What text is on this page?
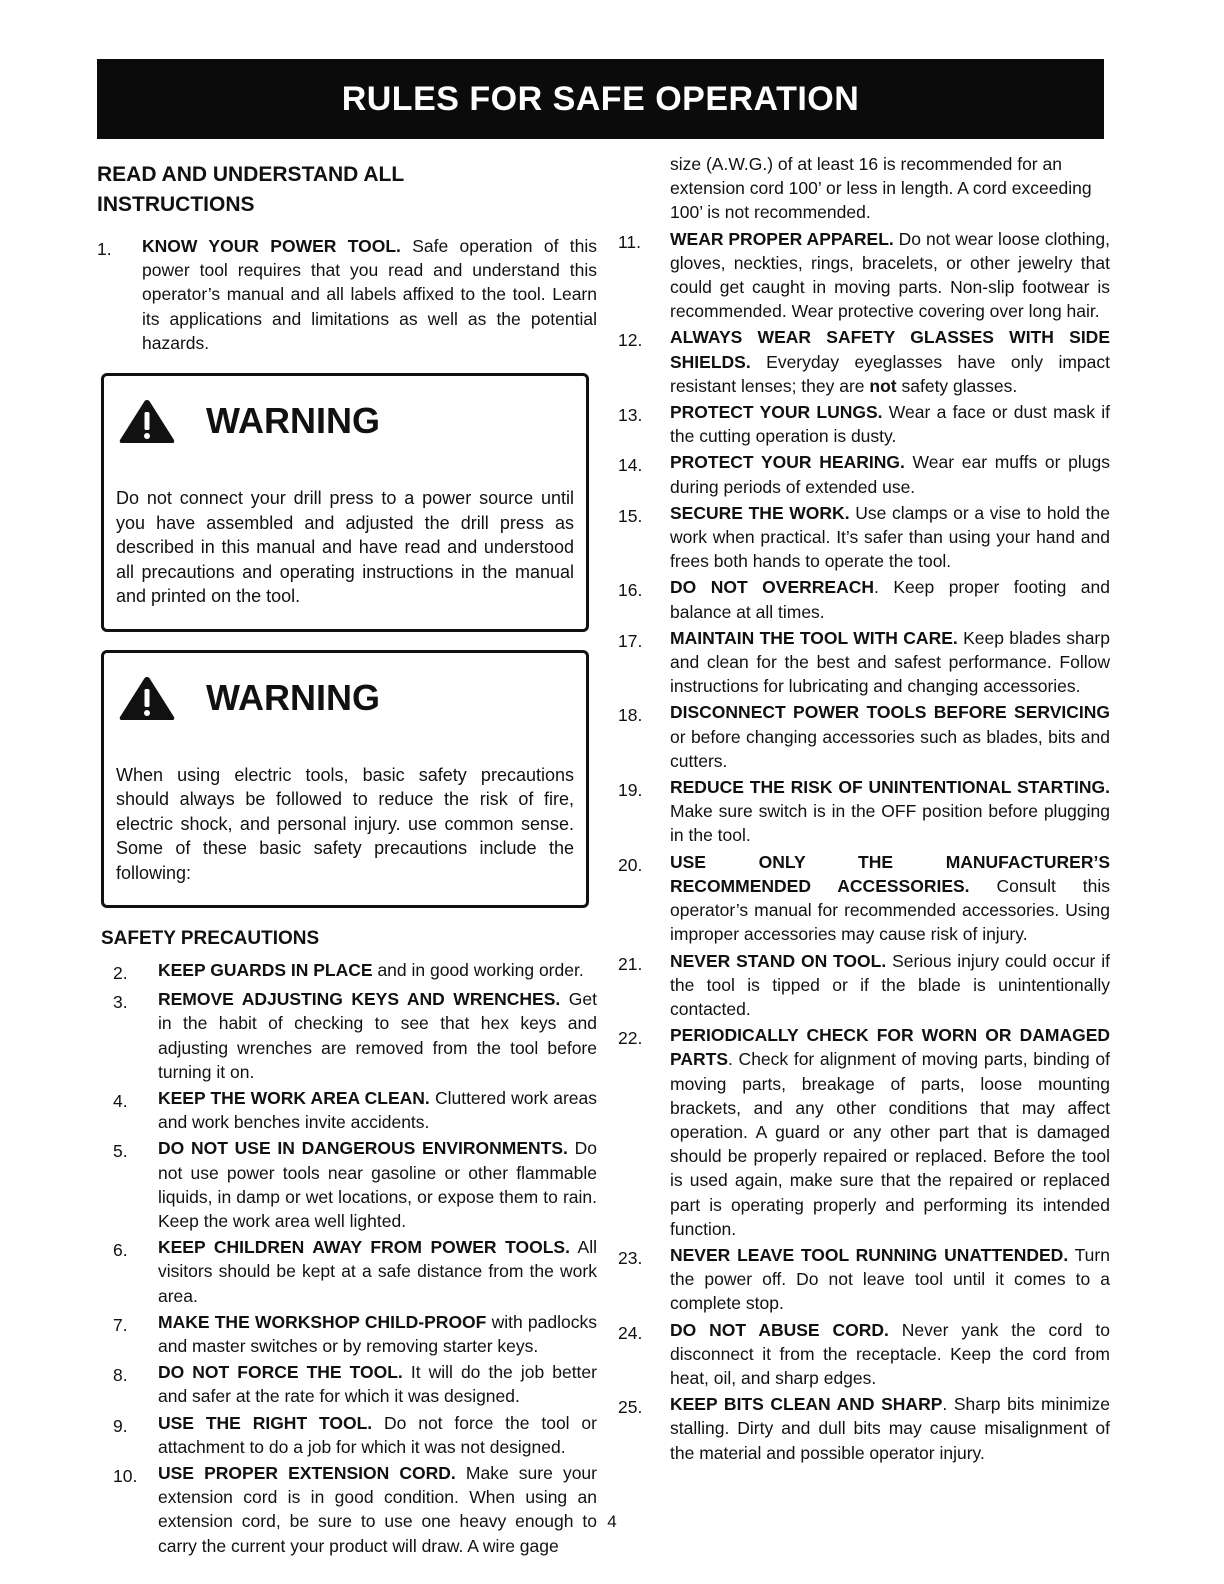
RULES FOR SAFE OPERATION
READ AND UNDERSTAND ALL
INSTRUCTIONS
1.	KNOW YOUR POWER TOOL. Safe operation of this power tool requires that you read and understand this operator’s manual and all labels affixed to the tool. Learn its applications and limitations as well as the potential hazards.
WARNING
Do not connect your drill press to a power source until you have assembled and adjusted the drill press as described in this manual and have read and understood all precautions and operating instructions in the manual and printed on the tool.
WARNING
When using electric tools, basic safety precautions should always be followed to reduce the risk of fire, electric shock, and personal injury. use common sense. Some of these basic safety precautions include the following:
SAFETY PRECAUTIONS
2.	KEEP GUARDS IN PLACE and in good working order.
3.	REMOVE ADJUSTING KEYS AND WRENCHES. Get in the habit of checking to see that hex keys and adjusting wrenches are removed from the tool before turning it on.
4.	KEEP THE WORK AREA CLEAN. Cluttered work areas and work benches invite accidents.
5.	DO NOT USE IN DANGEROUS ENVIRONMENTS. Do not use power tools near gasoline or other flammable liquids, in damp or wet locations, or expose them to rain. Keep the work area well lighted.
6.	KEEP CHILDREN AWAY FROM POWER TOOLS. All visitors should be kept at a safe distance from the work area.
7.	MAKE THE WORKSHOP CHILD-PROOF with padlocks and master switches or by removing starter keys.
8.	DO NOT FORCE THE TOOL. It will do the job better and safer at the rate for which it was designed.
9.	USE THE RIGHT TOOL. Do not force the tool or attachment to do a job for which it was not designed.
10.	USE PROPER EXTENSION CORD. Make sure your extension cord is in good condition. When using an extension cord, be sure to use one heavy enough to carry the current your product will draw. A wire gage
size (A.W.G.) of at least 16 is recommended for an extension cord 100’ or less in length. A cord exceeding 100’ is not recommended.
11.	WEAR PROPER APPAREL. Do not wear loose clothing, gloves, neckties, rings, bracelets, or other jewelry that could get caught in moving parts. Non-slip footwear is recommended. Wear protective covering over long hair.
12.	ALWAYS WEAR SAFETY GLASSES WITH SIDE SHIELDS. Everyday eyeglasses have only impact resistant lenses; they are not safety glasses.
13.	PROTECT YOUR LUNGS. Wear a face or dust mask if the cutting operation is dusty.
14.	PROTECT YOUR HEARING. Wear ear muffs or plugs during periods of extended use.
15.	SECURE THE WORK. Use clamps or a vise to hold the work when practical. It’s safer than using your hand and frees both hands to operate the tool.
16.	DO NOT OVERREACH. Keep proper footing and balance at all times.
17.	MAINTAIN THE TOOL WITH CARE. Keep blades sharp and clean for the best and safest performance. Follow instructions for lubricating and changing accessories.
18.	DISCONNECT POWER TOOLS BEFORE SERVICING or before changing accessories such as blades, bits and cutters.
19.	REDUCE THE RISK OF UNINTENTIONAL STARTING. Make sure switch is in the OFF position before plugging in the tool.
20.	USE ONLY THE MANUFACTURER’S RECOMMENDED ACCESSORIES. Consult this operator’s manual for recommended accessories. Using improper accessories may cause risk of injury.
21.	NEVER STAND ON TOOL. Serious injury could occur if the tool is tipped or if the blade is unintentionally contacted.
22.	PERIODICALLY CHECK FOR WORN OR DAMAGED PARTS. Check for alignment of moving parts, binding of moving parts, breakage of parts, loose mounting brackets, and any other conditions that may affect operation. A guard or any other part that is damaged should be properly repaired or replaced. Before the tool is used again, make sure that the repaired or replaced part is operating properly and performing its intended function.
23.	NEVER LEAVE TOOL RUNNING UNATTENDED. Turn the power off. Do not leave tool until it comes to a complete stop.
24.	DO NOT ABUSE CORD. Never yank the cord to disconnect it from the receptacle. Keep the cord from heat, oil, and sharp edges.
25.	KEEP BITS CLEAN AND SHARP. Sharp bits minimize stalling. Dirty and dull bits may cause misalignment of the material and possible operator injury.
4
